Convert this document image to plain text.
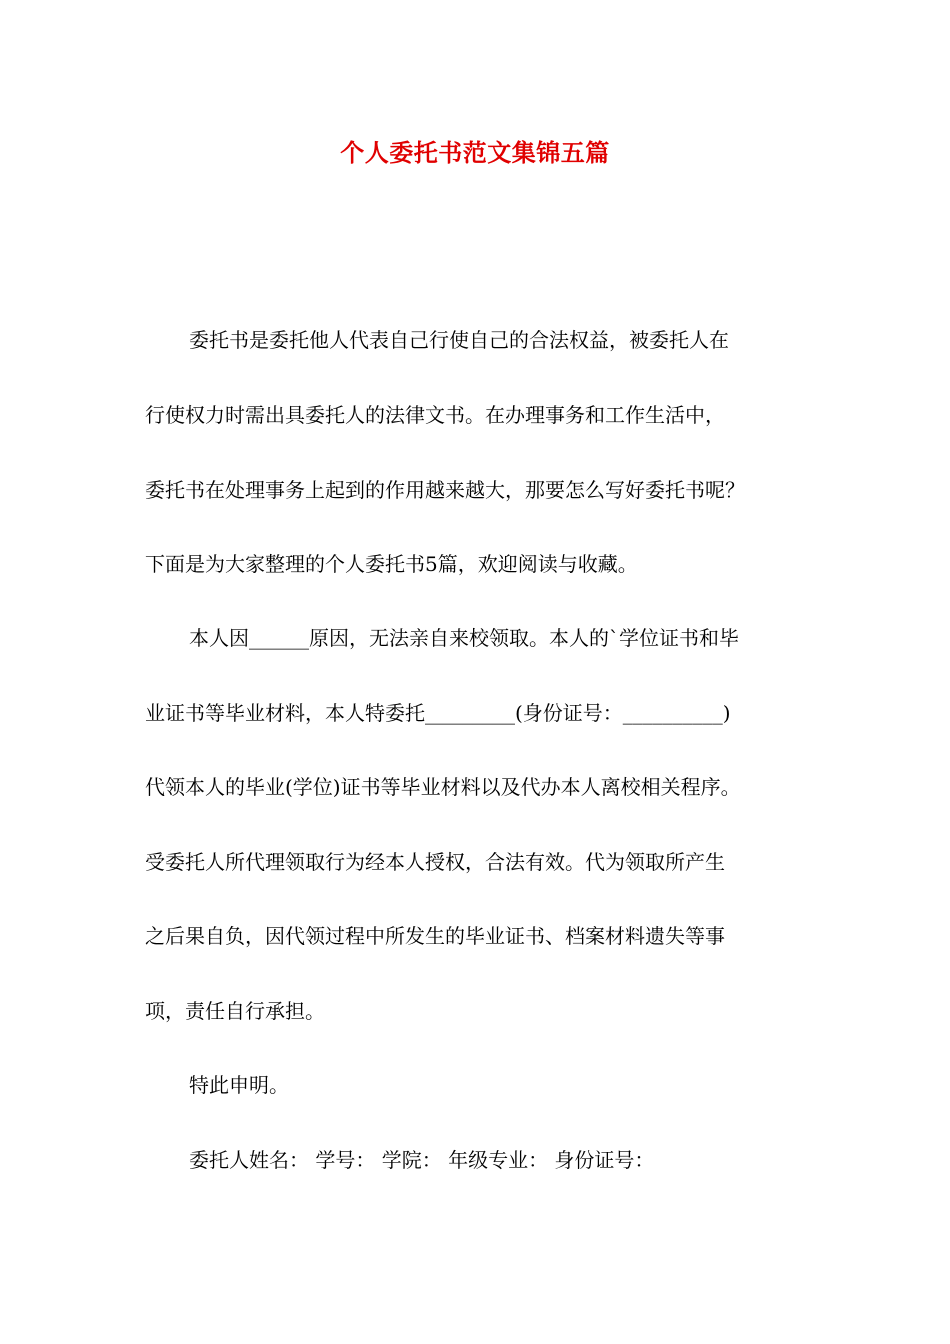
个人委托书范文集锦五篇
委托书是委托他人代表自己行使自己的合法权益，被委托人在
行使权力时需出具委托人的法律文书。在办理事务和工作生活中，
委托书在处理事务上起到的作用越来越大，那要怎么写好委托书呢？
下面是为大家整理的个人委托书5篇，欢迎阅读与收藏。
本人因______原因，无法亲自来校领取。本人的`学位证书和毕
业证书等毕业材料，本人特委托_________(身份证号：__________)
代领本人的毕业(学位)证书等毕业材料以及代办本人离校相关程序。
受委托人所代理领取行为经本人授权，合法有效。代为领取所产生
之后果自负，因代领过程中所发生的毕业证书、档案材料遗失等事
项，责任自行承担。
特此申明。
委托人姓名： 学号： 学院： 年级专业： 身份证号：
